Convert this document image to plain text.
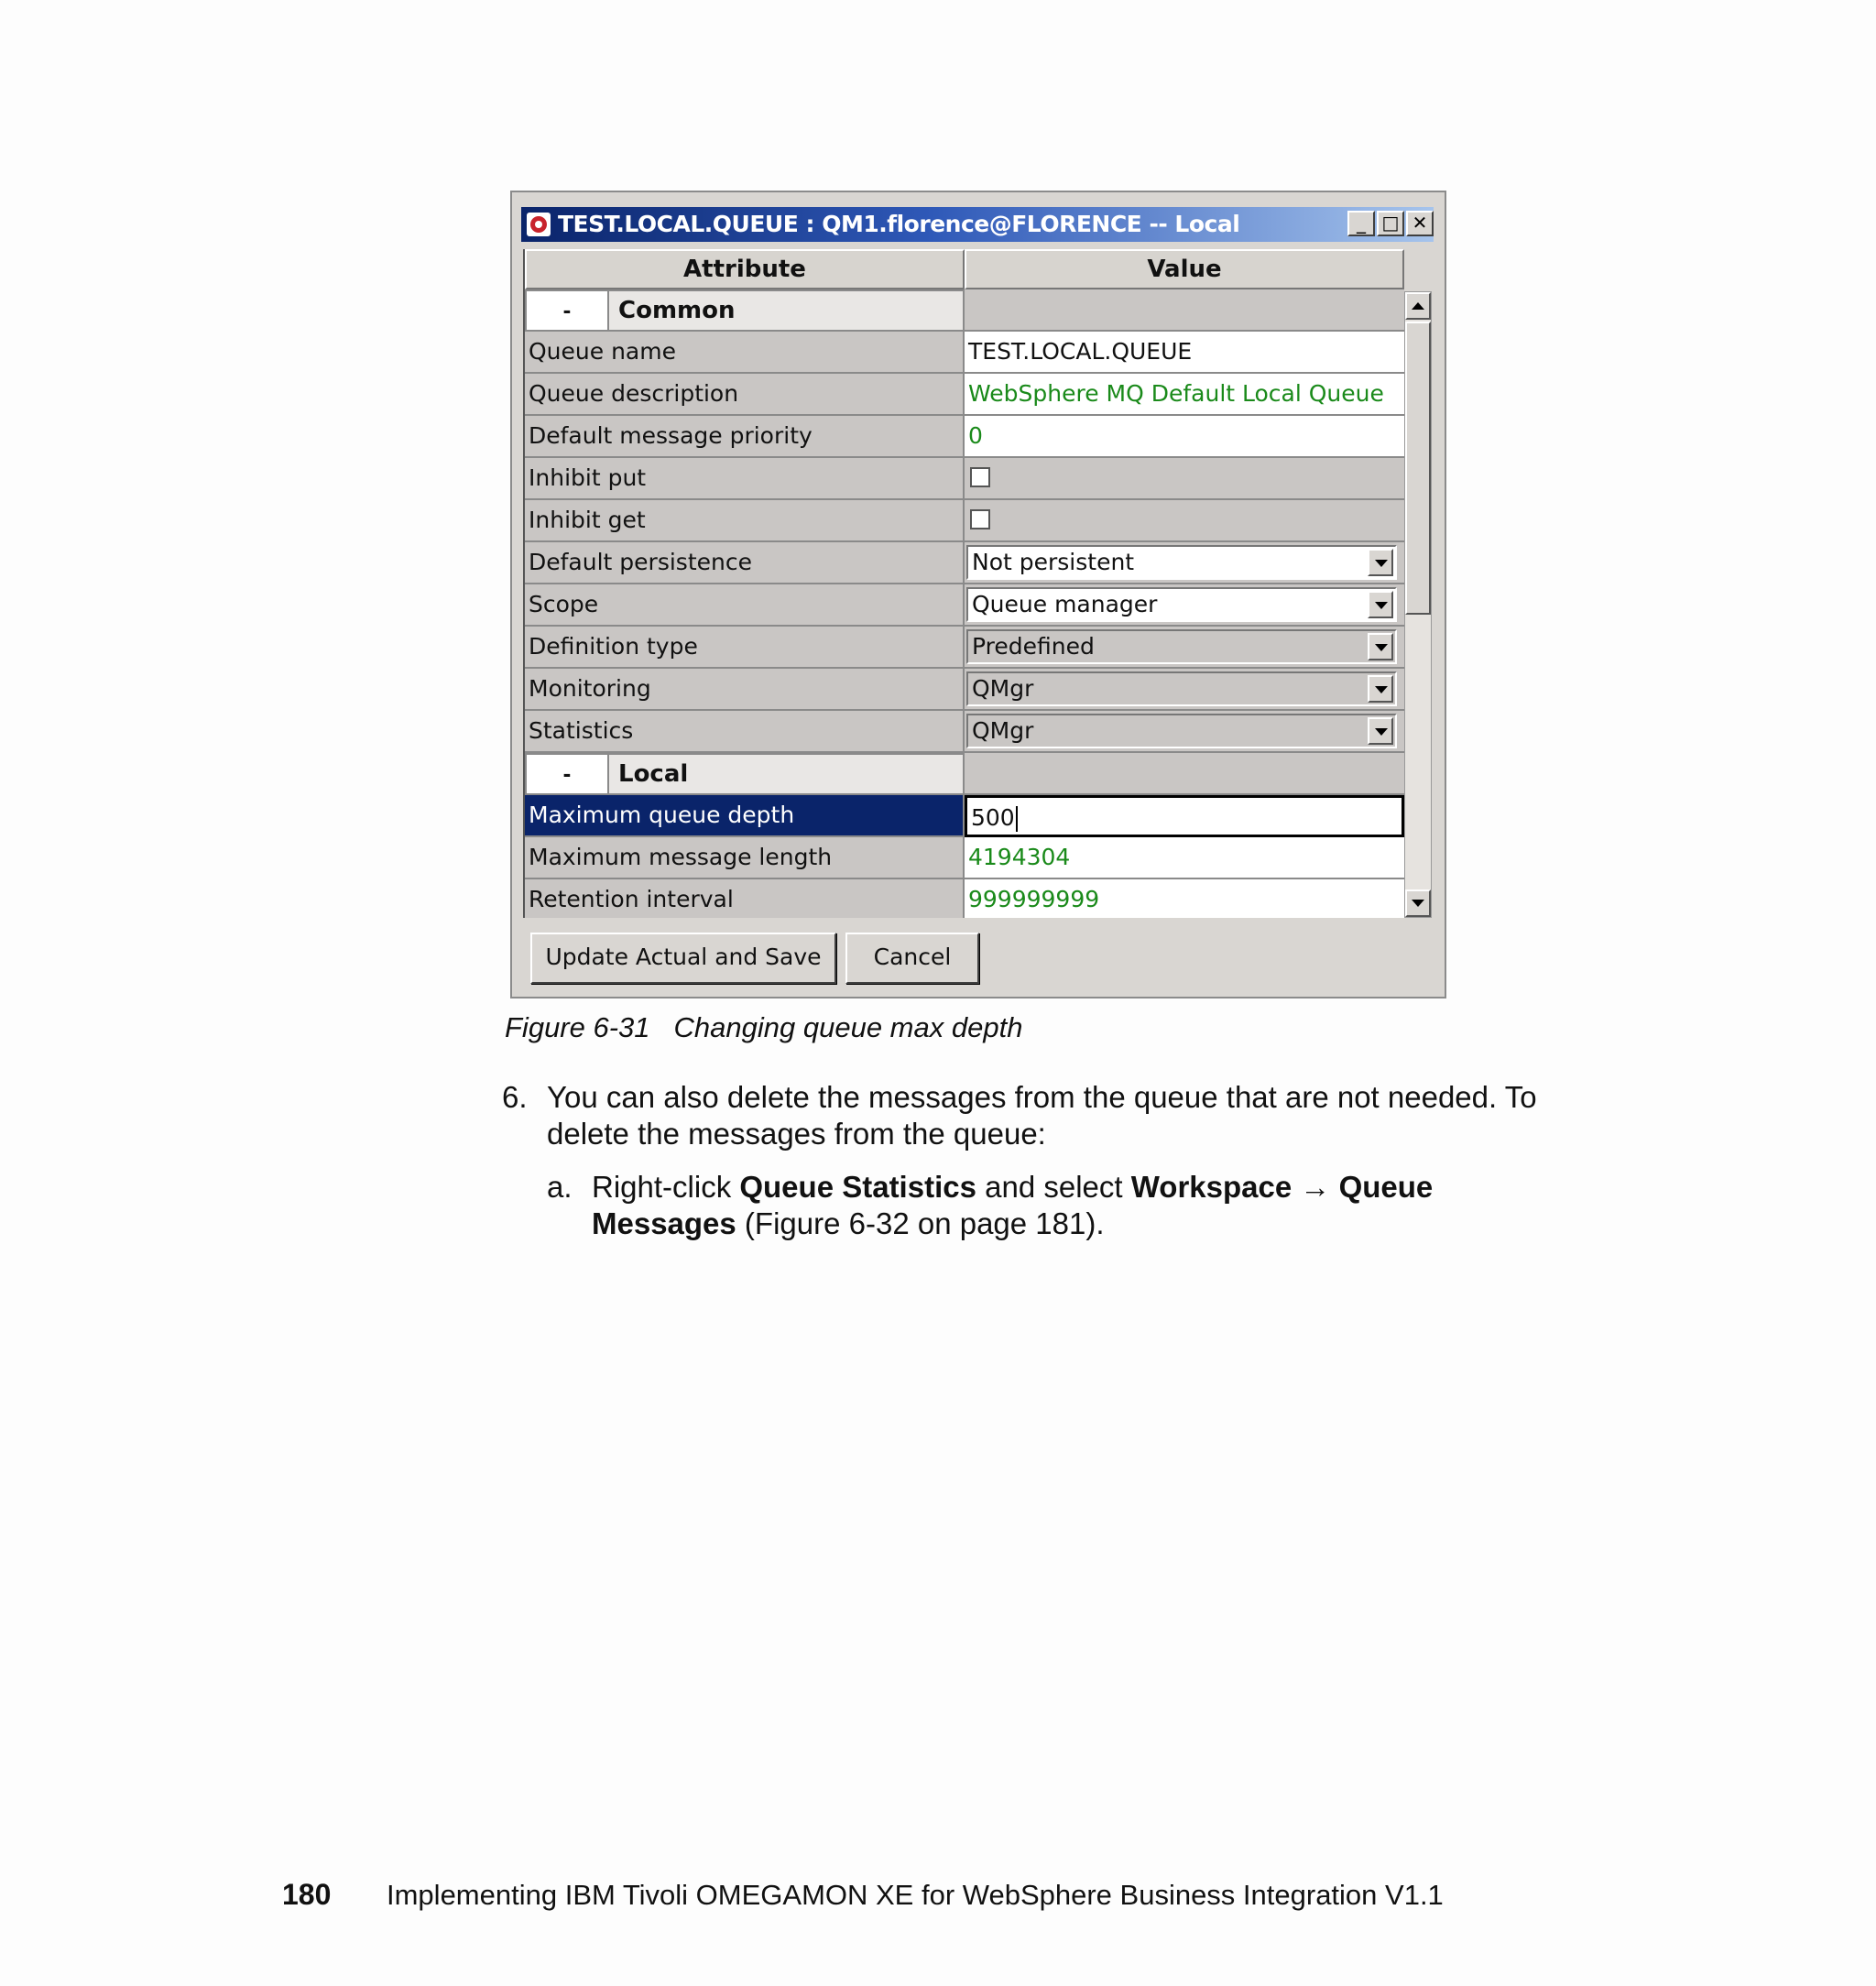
TEST.LOCAL.QUEUE : QM1.florence@FLORENCE -- Local	_ □ ✕
Attribute	Value
-	Common
Queue name	TEST.LOCAL.QUEUE
Queue description	WebSphere MQ Default Local Queue
Default message priority	0
Inhibit put
Inhibit get
Default persistence	Not persistent
Scope	Queue manager
Definition type	Predefined
Monitoring	QMgr
Statistics	QMgr
-	Local
Maximum queue depth	500
Maximum message length	4194304
Retention interval	999999999
Update Actual and Save	Cancel
Figure 6-31 Changing queue max depth
6. You can also delete the messages from the queue that are not needed. To
delete the messages from the queue:
a. Right-click Queue Statistics and select Workspace → Queue
Messages (Figure 6-32 on page 181).
180 Implementing IBM Tivoli OMEGAMON XE for WebSphere Business Integration V1.1
